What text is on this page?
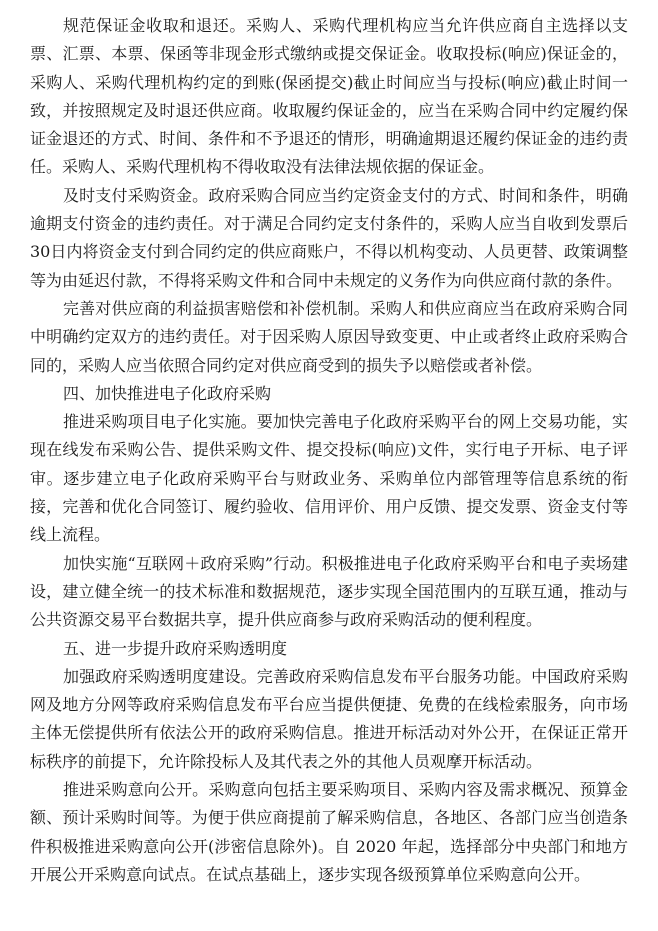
规范保证金收取和退还。采购人、采购代理机构应当允许供应商自主选择以支票、汇票、本票、保函等非现金形式缴纳或提交保证金。收取投标(响应)保证金的，采购人、采购代理机构约定的到账(保函提交)截止时间应当与投标(响应)截止时间一致，并按照规定及时退还供应商。收取履约保证金的，应当在采购合同中约定履约保证金退还的方式、时间、条件和不予退还的情形，明确逾期退还履约保证金的违约责任。采购人、采购代理机构不得收取没有法律法规依据的保证金。

及时支付采购资金。政府采购合同应当约定资金支付的方式、时间和条件，明确逾期支付资金的违约责任。对于满足合同约定支付条件的，采购人应当自收到发票后 30日内将资金支付到合同约定的供应商账户，不得以机构变动、人员更替、政策调整等为由延迟付款，不得将采购文件和合同中未规定的义务作为向供应商付款的条件。

完善对供应商的利益损害赔偿和补偿机制。采购人和供应商应当在政府采购合同中明确约定双方的违约责任。对于因采购人原因导致变更、中止或者终止政府采购合同的，采购人应当依照合同约定对供应商受到的损失予以赔偿或者补偿。

四、加快推进电子化政府采购

推进采购项目电子化实施。要加快完善电子化政府采购平台的网上交易功能，实现在线发布采购公告、提供采购文件、提交投标(响应)文件，实行电子开标、电子评审。逐步建立电子化政府采购平台与财政业务、采购单位内部管理等信息系统的衔接，完善和优化合同签订、履约验收、信用评价、用户反馈、提交发票、资金支付等线上流程。

加快实施“互联网＋政府采购”行动。积极推进电子化政府采购平台和电子卖场建设，建立健全统一的技术标准和数据规范，逐步实现全国范围内的互联互通，推动与公共资源交易平台数据共享，提升供应商参与政府采购活动的便利程度。

五、进一步提升政府采购透明度

加强政府采购透明度建设。完善政府采购信息发布平台服务功能。中国政府采购网及地方分网等政府采购信息发布平台应当提供便捷、免费的在线检索服务，向市场主体无偿提供所有依法公开的政府采购信息。推进开标活动对外公开，在保证正常开标秩序的前提下，允许除投标人及其代表之外的其他人员观摩开标活动。

推进采购意向公开。采购意向包括主要采购项目、采购内容及需求概况、预算金额、预计采购时间等。为便于供应商提前了解采购信息，各地区、各部门应当创造条件积极推进采购意向公开(涉密信息除外)。自 2020 年起，选择部分中央部门和地方开展公开采购意向试点。在试点基础上，逐步实现各级预算单位采购意向公开。
